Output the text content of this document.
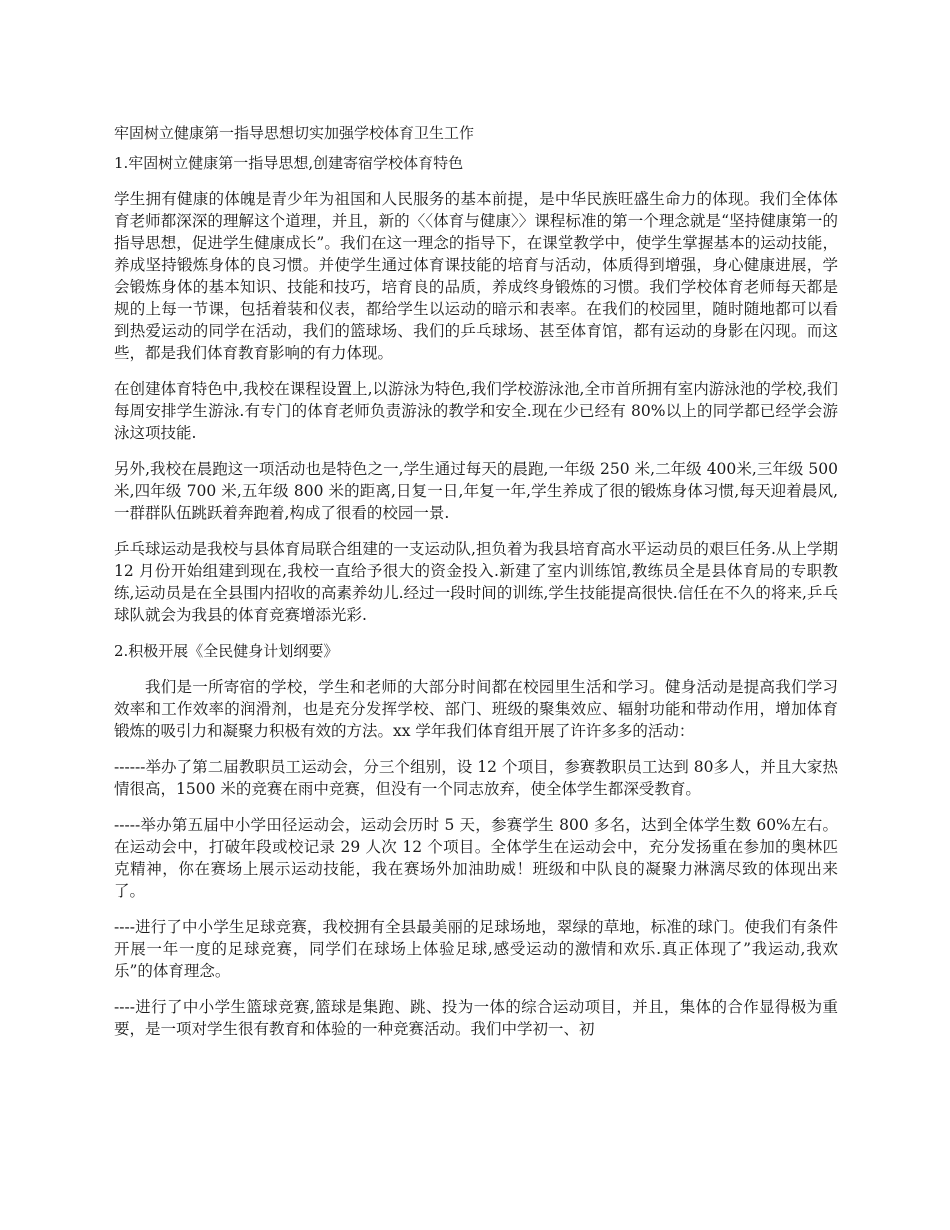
牢固树立健康第一指导思想切实加强学校体育卫生工作
1.牢固树立健康第一指导思想,创建寄宿学校体育特色

学生拥有健康的体魄是青少年为祖国和人民服务的基本前提，是中华民族旺盛生命力的体现。我们全体体育老师都深深的理解这个道理，并且，新的〈〈体育与健康〉〉课程标准的第一个理念就是“坚持健康第一的指导思想，促进学生健康成长”。我们在这一理念的指导下，在课堂教学中，使学生掌握基本的运动技能，养成坚持锻炼身体的良习惯。并使学生通过体育课技能的培育与活动，体质得到增强，身心健康进展，学会锻炼身体的基本知识、技能和技巧，培育良的品质，养成终身锻炼的习惯。我们学校体育老师每天都是规的上每一节课，包括着装和仪表，都给学生以运动的暗示和表率。在我们的校园里，随时随地都可以看到热爱运动的同学在活动，我们的篮球场、我们的乒乓球场、甚至体育馆，都有运动的身影在闪现。而这些，都是我们体育教育影响的有力体现。

在创建体育特色中,我校在课程设置上,以游泳为特色,我们学校游泳池,全市首所拥有室内游泳池的学校,我们每周安排学生游泳.有专门的体育老师负责游泳的教学和安全.现在少已经有 80%以上的同学都已经学会游泳这项技能.

另外,我校在晨跑这一项活动也是特色之一,学生通过每天的晨跑,一年级 250 米,二年级 400米,三年级 500 米,四年级 700 米,五年级 800 米的距离,日复一日,年复一年,学生养成了很的锻炼身体习惯,每天迎着晨风,一群群队伍跳跃着奔跑着,构成了很看的校园一景.

乒乓球运动是我校与县体育局联合组建的一支运动队,担负着为我县培育高水平运动员的艰巨任务.从上学期 12 月份开始组建到现在,我校一直给予很大的资金投入.新建了室内训练馆,教练员全是县体育局的专职教练,运动员是在全县围内招收的高素养幼儿.经过一段时间的训练,学生技能提高很快.信任在不久的将来,乒乓球队就会为我县的体育竞赛增添光彩.

2.积极开展《全民健身计划纲要》

我们是一所寄宿的学校，学生和老师的大部分时间都在校园里生活和学习。健身活动是提高我们学习效率和工作效率的润滑剂，也是充分发挥学校、部门、班级的聚集效应、辐射功能和带动作用，增加体育锻炼的吸引力和凝聚力积极有效的方法。xx 学年我们体育组开展了许许多多的活动：

------举办了第二届教职员工运动会，分三个组别，设 12 个项目，参赛教职员工达到 80多人，并且大家热情很高，1500 米的竞赛在雨中竞赛，但没有一个同志放弃，使全体学生都深受教育。

-----举办第五届中小学田径运动会，运动会历时 5 天，参赛学生 800 多名，达到全体学生数 60%左右。在运动会中，打破年段或校记录 29 人次 12 个项目。全体学生在运动会中，充分发扬重在参加的奥林匹克精神，你在赛场上展示运动技能，我在赛场外加油助威！班级和中队良的凝聚力淋漓尽致的体现出来了。

----进行了中小学生足球竞赛，我校拥有全县最美丽的足球场地，翠绿的草地，标准的球门。使我们有条件开展一年一度的足球竞赛，同学们在球场上体验足球,感受运动的激情和欢乐.真正体现了”我运动,我欢乐”的体育理念。

----进行了中小学生篮球竞赛,篮球是集跑、跳、投为一体的综合运动项目，并且，集体的合作显得极为重要，是一项对学生很有教育和体验的一种竞赛活动。我们中学初一、初
